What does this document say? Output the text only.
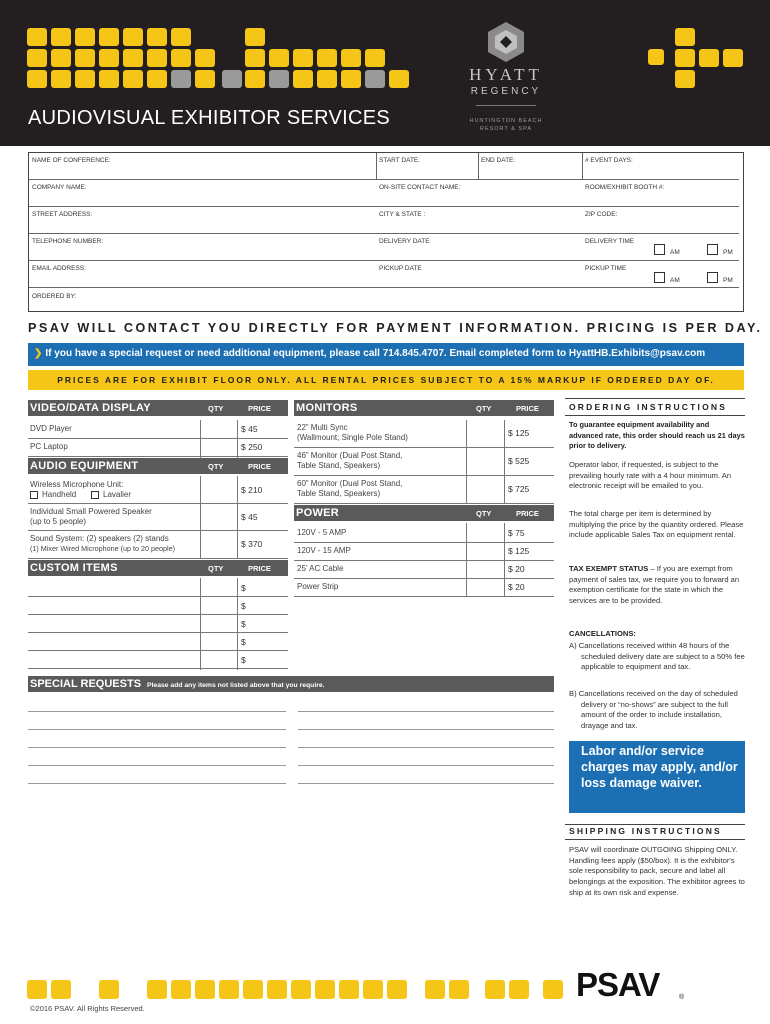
AUDIOVISUAL EXHIBITOR SERVICES
HYATT
REGENCY
HUNTINGTON BEACH RESORT & SPA
NAME OF CONFERENCE:	START DATE:	END DATE:	# EVENT DAYS:
COMPANY NAME:	ON-SITE CONTACT NAME:	ROOM/EXHIBIT BOOTH #:
STREET ADDRESS:	CITY & STATE :	ZIP CODE:
TELEPHONE NUMBER:	DELIVERY DATE	DELIVERY TIME
AM	PM
EMAIL ADDRESS:	PICKUP DATE	PICKUP TIME
AM	PM
ORDERED BY:
PSAV WILL CONTACT YOU DIRECTLY FOR PAYMENT INFORMATION. PRICING IS PER DAY.
❯ If you have a special request or need additional equipment, please call 714.845.4707. Email completed form to HyattHB.Exhibits@psav.com
PRICES ARE FOR EXHIBIT FLOOR ONLY. ALL RENTAL PRICES SUBJECT TO A 15% MARKUP IF ORDERED DAY OF.
VIDEO/DATA DISPLAY	QTY	PRICE
DVD Player	$ 45
PC Laptop	$ 250
AUDIO EQUIPMENT	QTY	PRICE
Wireless Microphone Unit:
Handheld	Lavalier	$ 210
Individual Small Powered Speaker
(up to 5 people)	$ 45
Sound System: (2) speakers (2) stands
(1) Mixer Wired Microphone (up to 20 people)	$ 370
CUSTOM ITEMS	QTY	PRICE
$
$
$
$
$
MONITORS	QTY	PRICE
22” Multi Sync
(Wallmount; Single Pole Stand)	$ 125
46” Monitor (Dual Post Stand,
Table Stand, Speakers)	$ 525
60” Monitor (Dual Post Stand,
Table Stand, Speakers)	$ 725
POWER	QTY	PRICE
120V - 5 AMP	$ 75
120V - 15 AMP	$ 125
25’ AC Cable	$ 20
Power Strip	$ 20
SPECIAL REQUESTS Please add any items not listed above that you require.
ORDERING INSTRUCTIONS
To guarantee equipment availability and advanced rate, this order should reach us 21 days prior to delivery.
Operator labor, if requested, is subject to the prevailing hourly rate with a 4 hour minimum. An electronic receipt will be emailed to you.
The total charge per item is determined by multiplying the price by the quantity ordered. Please include applicable Sales Tax on equipment rental.
TAX EXEMPT STATUS – If you are exempt from payment of sales tax, we require you to forward an exemption certificate for the state in which the services are to be provided.
CANCELLATIONS:
A) Cancellations received within 48 hours of the scheduled delivery date are subject to a 50% fee applicable to equipment and tax.
B) Cancellations received on the day of scheduled delivery or “no-shows” are subject to the full amount of the order to include installation, drayage and tax.
Labor and/or service charges may apply, and/or loss damage waiver.
SHIPPING INSTRUCTIONS
PSAV will coordinate OUTGOING Shipping ONLY. Handling fees apply ($50/box). It is the exhibitor's sole responsibility to pack, secure and label all belongings at the exposition. The exhibitor agrees to ship at its own risk and expense.
PSAV	®
©2016 PSAV. All Rights Reserved.
